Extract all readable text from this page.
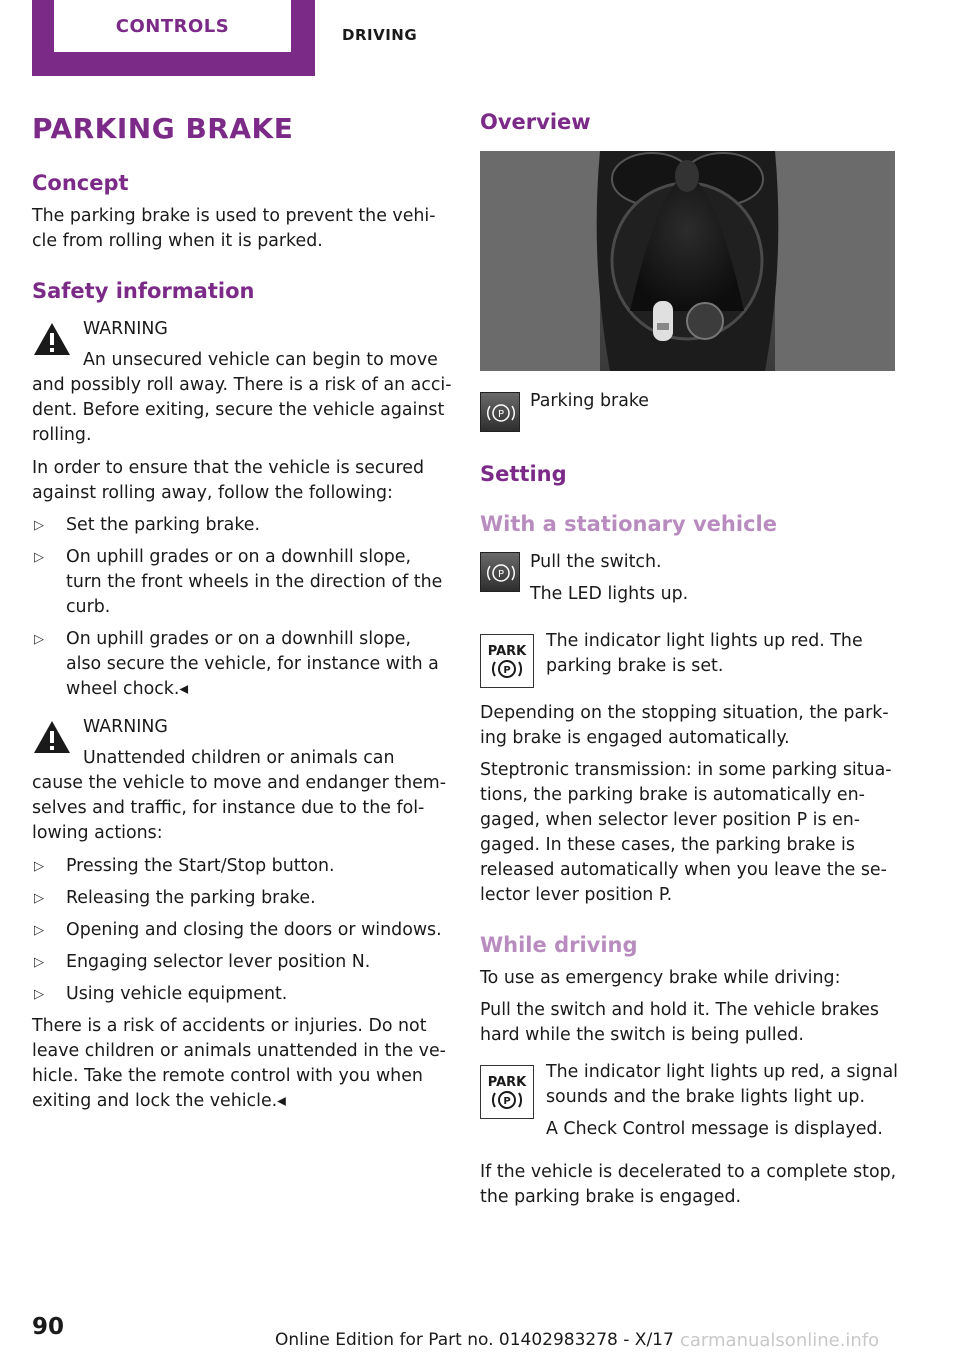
CONTROLS	DRIVING
PARKING BRAKE
Concept
The parking brake is used to prevent the vehi‐
cle from rolling when it is parked.
Safety information
WARNING
An unsecured vehicle can begin to move
and possibly roll away. There is a risk of an acci‐
dent. Before exiting, secure the vehicle against
rolling.
In order to ensure that the vehicle is secured
against rolling away, follow the following:
▷ Set the parking brake.
▷ On uphill grades or on a downhill slope,
turn the front wheels in the direction of the
curb.
▷ On uphill grades or on a downhill slope,
also secure the vehicle, for instance with a
wheel chock.◂
WARNING
Unattended children or animals can
cause the vehicle to move and endanger them‐
selves and traffic, for instance due to the fol‐
lowing actions:
▷ Pressing the Start/Stop button.
▷ Releasing the parking brake.
▷ Opening and closing the doors or windows.
▷ Engaging selector lever position N.
▷ Using vehicle equipment.
There is a risk of accidents or injuries. Do not
leave children or animals unattended in the ve‐
hicle. Take the remote control with you when
exiting and lock the vehicle.◂
Overview
P
Parking brake
Setting
With a stationary vehicle
P
Pull the switch.
The LED lights up.
PARK
P
The indicator light lights up red. The
parking brake is set.
Depending on the stopping situation, the park‐
ing brake is engaged automatically.
Steptronic transmission: in some parking situa‐
tions, the parking brake is automatically en‐
gaged, when selector lever position P is en‐
gaged. In these cases, the parking brake is
released automatically when you leave the se‐
lector lever position P.
While driving
To use as emergency brake while driving:
Pull the switch and hold it. The vehicle brakes
hard while the switch is being pulled.
PARK
P
The indicator light lights up red, a signal
sounds and the brake lights light up.
A Check Control message is displayed.
If the vehicle is decelerated to a complete stop,
the parking brake is engaged.
90	Online Edition for Part no. 01402983278 - X/17 carmanualsonline.info
